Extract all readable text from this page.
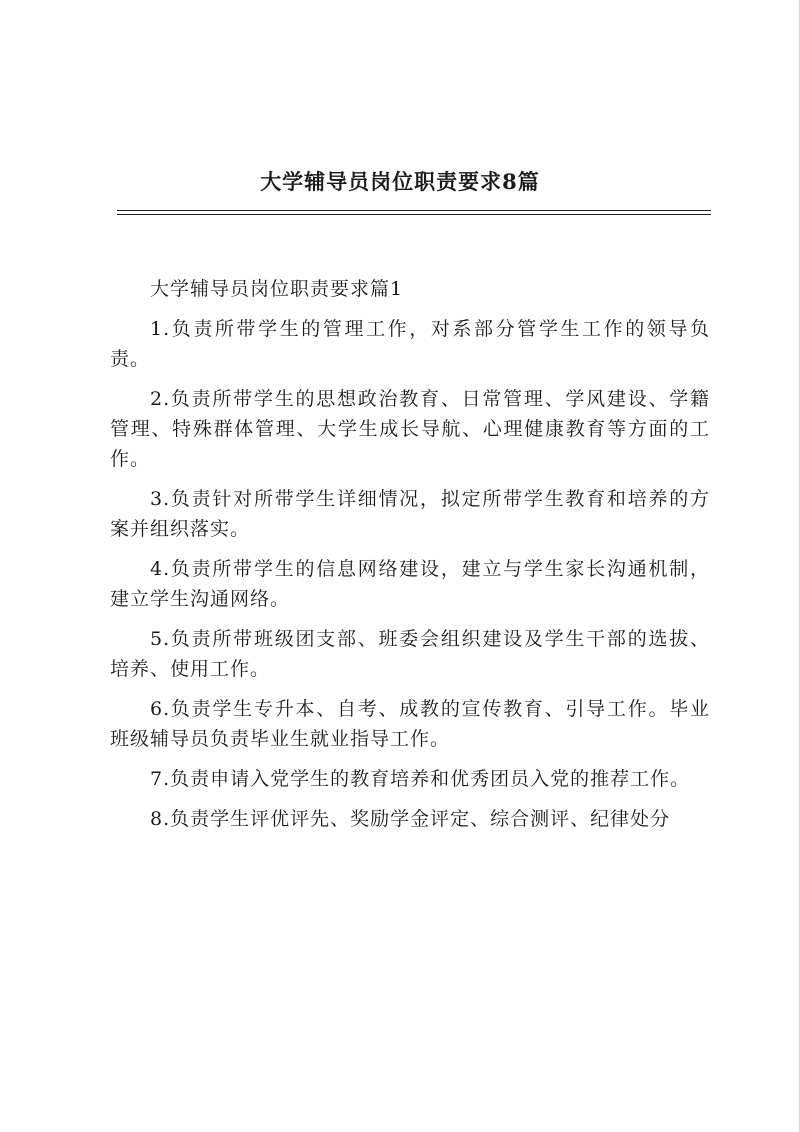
大学辅导员岗位职责要求8篇

大学辅导员岗位职责要求篇1

1.负责所带学生的管理工作，对系部分管学生工作的领导负责。

2.负责所带学生的思想政治教育、日常管理、学风建设、学籍管理、特殊群体管理、大学生成长导航、心理健康教育等方面的工作。

3.负责针对所带学生详细情况，拟定所带学生教育和培养的方案并组织落实。

4.负责所带学生的信息网络建设，建立与学生家长沟通机制，建立学生沟通网络。

5.负责所带班级团支部、班委会组织建设及学生干部的选拔、培养、使用工作。

6.负责学生专升本、自考、成教的宣传教育、引导工作。毕业班级辅导员负责毕业生就业指导工作。

7.负责申请入党学生的教育培养和优秀团员入党的推荐工作。

8.负责学生评优评先、奖励学金评定、综合测评、纪律处分
